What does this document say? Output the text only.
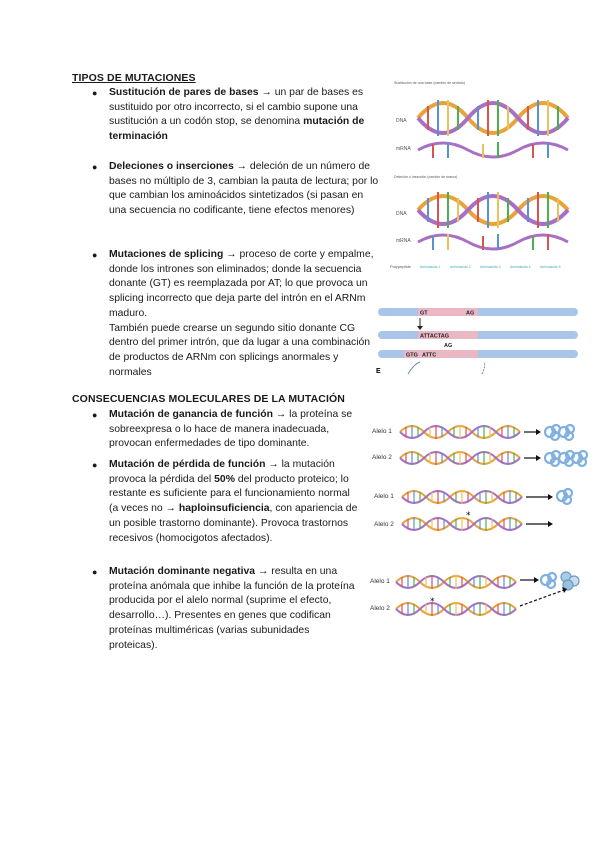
TIPOS DE MUTACIONES
● Sustitución de pares de bases → un par de bases es sustituido por otro incorrecto, si el cambio supone una sustitución a un codón stop, se denomina mutación de terminación
● Deleciones o inserciones → deleción de un número de bases no múltiplo de 3, cambian la pauta de lectura; por lo que cambian los aminoácidos sintetizados (si pasan en una secuencia no codificante, tiene efectos menores)
● Mutaciones de splicing → proceso de corte y empalme, donde los intrones son eliminados; donde la secuencia donante (GT) es reemplazada por AT; lo que provoca un splicing incorrecto que deja parte del intrón en el ARNm maduro.
También puede crearse un segundo sitio donante CG dentro del primer intrón, que da lugar a una combinación de productos de ARNm con splicings anormales y normales
CONSECUENCIAS MOLECULARES DE LA MUTACIÓN
● Mutación de ganancia de función → la proteína se sobreexpresa o lo hace de manera inadecuada, provocan enfermedades de tipo dominante.
● Mutación de pérdida de función → la mutación provoca la pérdida del 50% del producto proteico; lo restante es suficiente para el funcionamiento normal (a veces no → haploinsuficiencia, con apariencia de un posible trastorno dominante). Provoca trastornos recesivos (homocigotos afectados).
● Mutación dominante negativa → resulta en una proteína anómala que inhibe la función de la proteína producida por el alelo normal (suprime el efecto, desarrollo…). Presentes en genes que codifican proteínas multiméricas (varias subunidades proteicas).
Sustitución de una base (cambio de sentido)
DNA
mRNA
Deleción o inserción (cambio de marco)
DNA
mRNA
Polypeptide	Aminoácido 1	Aminoácido 2	Aminoácido 3	Aminoácido 4	Aminoácido 5
GT	AG
ATTACTAG
GTG ATTC
AG
E
Alelo 1
Alelo 2
Alelo 1
Alelo 2
*
Alelo 1
Alelo 2
*
